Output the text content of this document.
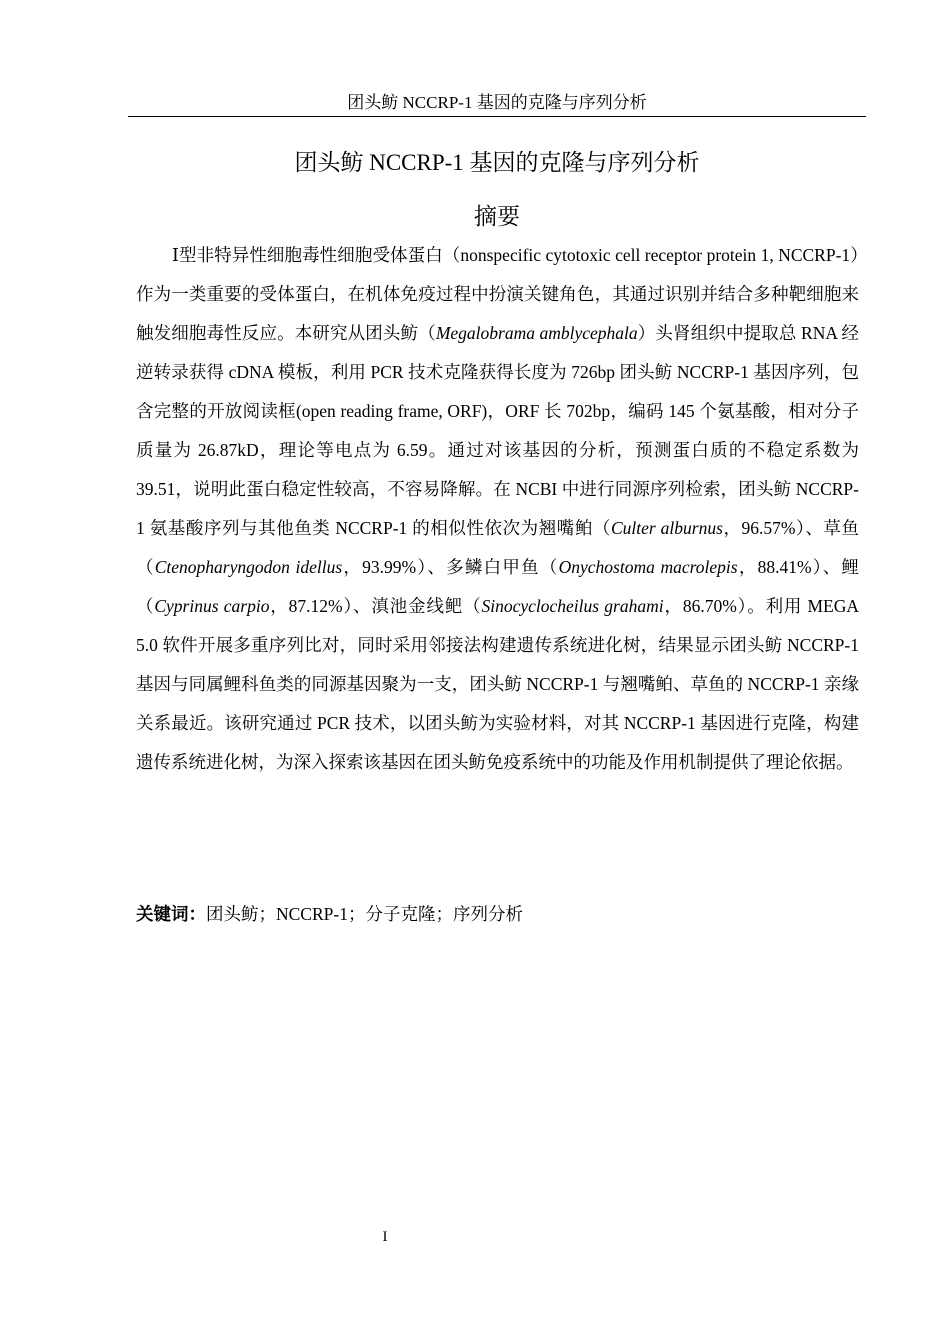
团头鲂 NCCRP-1 基因的克隆与序列分析
团头鲂 NCCRP-1 基因的克隆与序列分析
摘要

Ⅰ型非特异性细胞毒性细胞受体蛋白（nonspecific cytotoxic cell receptor protein 1, NCCRP-1）作为一类重要的受体蛋白，在机体免疫过程中扮演关键角色，其通过识别并结合多种靶细胞来触发细胞毒性反应。本研究从团头鲂（Megalobrama amblycephala）头肾组织中提取总 RNA 经逆转录获得 cDNA 模板，利用 PCR 技术克隆获得长度为 726bp 团头鲂 NCCRP-1 基因序列，包含完整的开放阅读框(open reading frame, ORF)，ORF 长 702bp，编码 145 个氨基酸，相对分子质量为 26.87kD，理论等电点为 6.59。通过对该基因的分析，预测蛋白质的不稳定系数为 39.51，说明此蛋白稳定性较高，不容易降解。在 NCBI 中进行同源序列检索，团头鲂 NCCRP-1 氨基酸序列与其他鱼类 NCCRP-1 的相似性依次为翘嘴鲌（Culter alburnus，96.57%）、草鱼（Ctenopharyngodon idellus，93.99%）、多鳞白甲鱼（Onychostoma macrolepis，88.41%）、鲤（Cyprinus carpio，87.12%）、滇池金线鲃（Sinocyclocheilus grahami，86.70%）。利用 MEGA 5.0 软件开展多重序列比对，同时采用邻接法构建遗传系统进化树，结果显示团头鲂 NCCRP-1 基因与同属鲤科鱼类的同源基因聚为一支，团头鲂 NCCRP-1 与翘嘴鲌、草鱼的 NCCRP-1 亲缘关系最近。该研究通过 PCR 技术，以团头鲂为实验材料，对其 NCCRP-1 基因进行克隆，构建遗传系统进化树，为深入探索该基因在团头鲂免疫系统中的功能及作用机制提供了理论依据。

关键词：团头鲂；NCCRP-1；分子克隆；序列分析

I
